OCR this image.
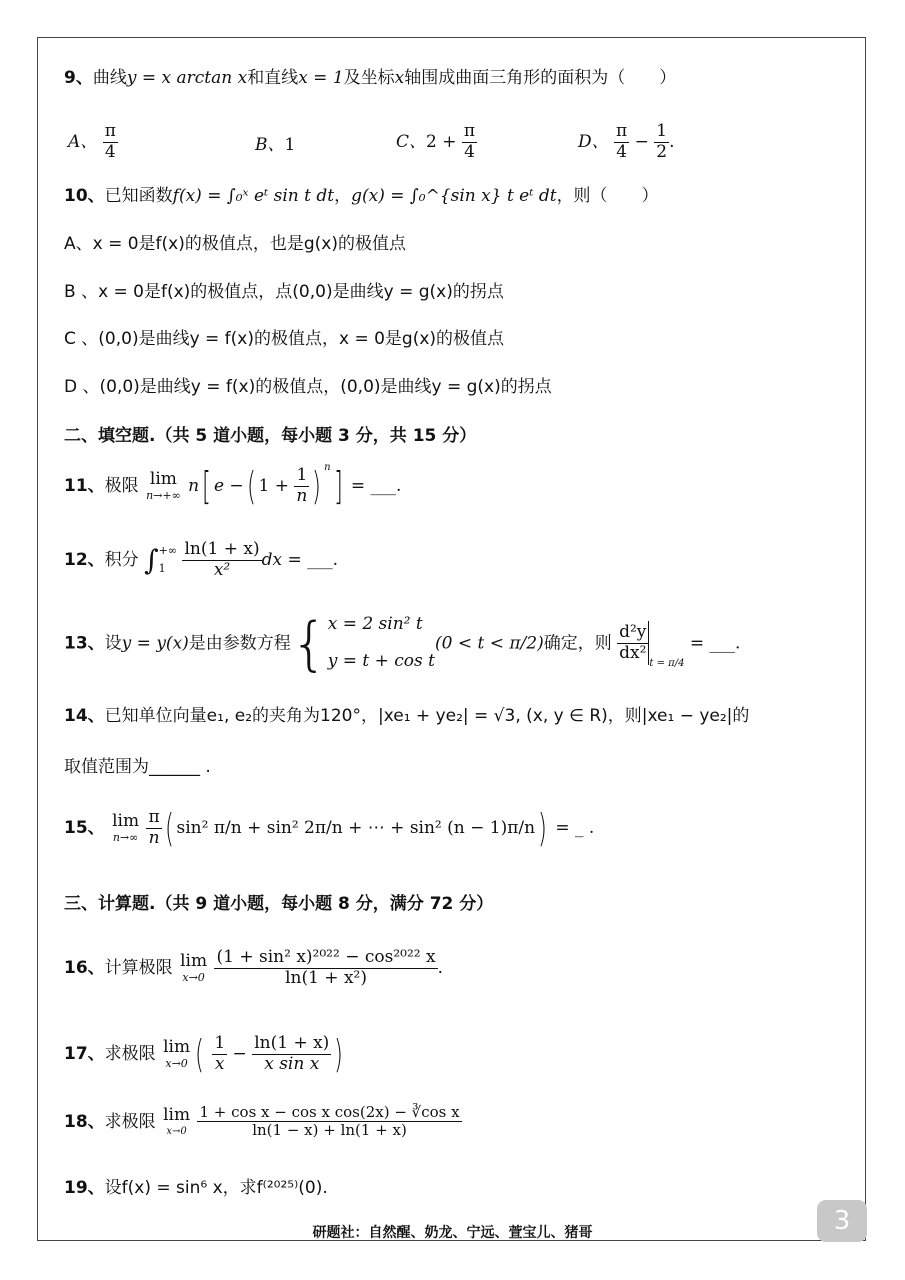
9、曲线y = x arctan x和直线x = 1及坐标x轴围成曲面三角形的面积为（　　）
A、 $\frac{\pi}{4}$	B、1	C、$2 + \frac{\pi}{4}$	D、 $\frac{\pi}{4} - \frac{1}{2}$ .
10、已知函数f(x) = ∫₀ˣ eᵗ sin t dt，g(x) = ∫₀^{sin x} t eᵗ dt，则（　　）
A、x = 0是f(x)的极值点，也是g(x)的极值点
B 、x = 0是f(x)的极值点，点(0,0)是曲线y = g(x)的拐点
C 、(0,0)是曲线y = f(x)的极值点，x = 0是g(x)的极值点
D 、(0,0)是曲线y = f(x)的极值点，(0,0)是曲线y = g(x)的拐点
二、填空题.（共 5 道小题，每小题 3 分，共 15 分）
11、极限 lim
n→+∞ n[ e −( $1 + \frac{1}{n}$ ) $^n$] = ___.
12、积分 ∫ +∞
1
$\frac{\ln(1 + x)}{\text{x²}}$ dx = ___.
13、设y = y(x)是由参数方程{ x = 2 sin² t
y = t + cos t
(0 < t < π/2)确定，则 $\frac{\text{d²y}}{\text{dx²}}$
$_{t = \pi/4}$ = ___.
14、已知单位向量e₁, e₂的夹角为120°，|xe₁ + ye₂| = √3, (x, y ∈ R)，则|xe₁ − ye₂|的
取值范围为______ .
15、 lim
n→∞
$\frac{\pi}{n}$ ( sin² π/n + sin² 2π/n + ⋯ + sin² (n − 1)π/n) = _ .
三、计算题.（共 9 道小题，每小题 8 分，满分 72 分）
16、计算极限 lim
x→0
$\frac{\text{(1 + sin² x)²⁰²² − cos²⁰²² x}}{\text{ln(1 + x²)}}$ .
17、求极限 lim
x→0 ( $\frac{1}{x} - \frac{\ln(1 + x)}{\text{x sin x}}$ )
18、求极限 lim
x→0
$\frac{\text{1 + cos x − cos x cos(2x) − ∛cos x}}{\ln(1 - x) + \ln(1 + x)}$
19、设f(x) = sin⁶ x，求f⁽²⁰²⁵⁾(0).
研题社：自然醒、奶龙、宁远、萱宝儿、猪哥	3
